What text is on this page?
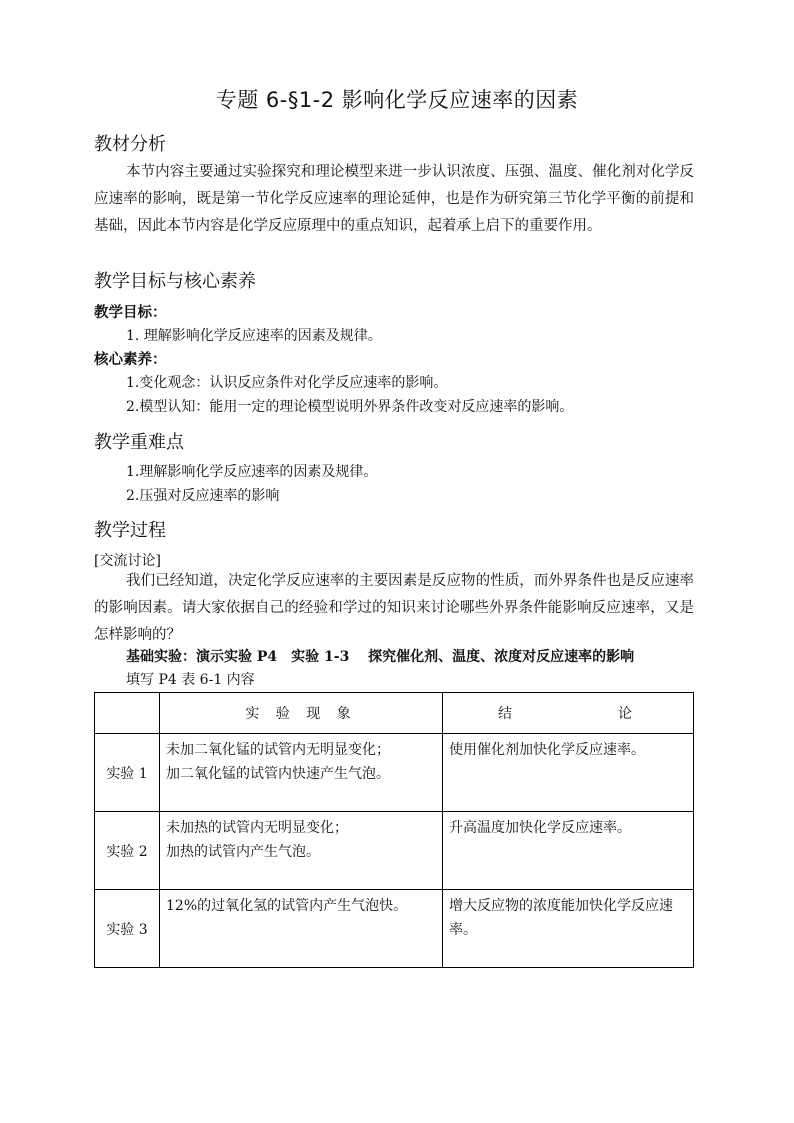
专题 6-§1-2 影响化学反应速率的因素
教材分析
本节内容主要通过实验探究和理论模型来进一步认识浓度、压强、温度、催化剂对化学反应速率的影响，既是第一节化学反应速率的理论延伸，也是作为研究第三节化学平衡的前提和基础，因此本节内容是化学反应原理中的重点知识，起着承上启下的重要作用。
教学目标与核心素养
教学目标：
1. 理解影响化学反应速率的因素及规律。
核心素养：
1.变化观念：认识反应条件对化学反应速率的影响。
2.模型认知：能用一定的理论模型说明外界条件改变对反应速率的影响。
教学重难点
1.理解影响化学反应速率的因素及规律。
2.压强对反应速率的影响
教学过程
[交流讨论]
我们已经知道，决定化学反应速率的主要因素是反应物的性质，而外界条件也是反应速率的影响因素。请大家依据自己的经验和学过的知识来讨论哪些外界条件能影响反应速率，又是怎样影响的？
基础实验：演示实验 P4　实验 1-3　 探究催化剂、温度、浓度对反应速率的影响
填写 P4 表 6-1 内容
	实 验 现 象	结　　　　　论
实验 1	未加二氧化锰的试管内无明显变化；
加二氧化锰的试管内快速产生气泡。	使用催化剂加快化学反应速率。
实验 2	未加热的试管内无明显变化；
加热的试管内产生气泡。	升高温度加快化学反应速率。
实验 3	12%的过氧化氢的试管内产生气泡快。	增大反应物的浓度能加快化学反应速率。
